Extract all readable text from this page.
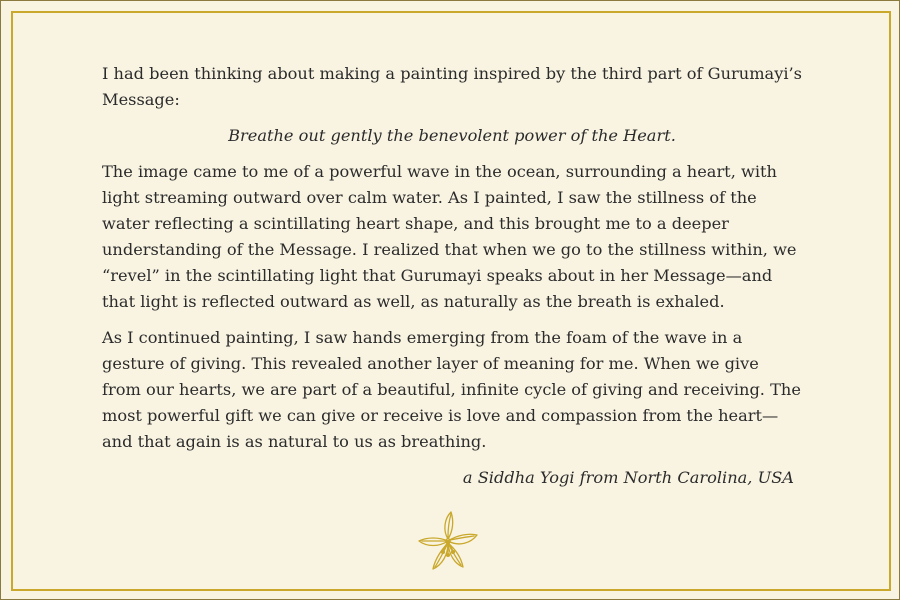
I had been thinking about making a painting inspired by the third part of Gurumayi’s Message:

Breathe out gently the benevolent power of the Heart.

The image came to me of a powerful wave in the ocean, surrounding a heart, with light streaming outward over calm water. As I painted, I saw the stillness of the water reflecting a scintillating heart shape, and this brought me to a deeper understanding of the Message. I realized that when we go to the stillness within, we “revel” in the scintillating light that Gurumayi speaks about in her Message—and that light is reflected outward as well, as naturally as the breath is exhaled.

As I continued painting, I saw hands emerging from the foam of the wave in a gesture of giving. This revealed another layer of meaning for me. When we give from our hearts, we are part of a beautiful, infinite cycle of giving and receiving. The most powerful gift we can give or receive is love and compassion from the heart—and that again is as natural to us as breathing.

a Siddha Yogi from North Carolina, USA
